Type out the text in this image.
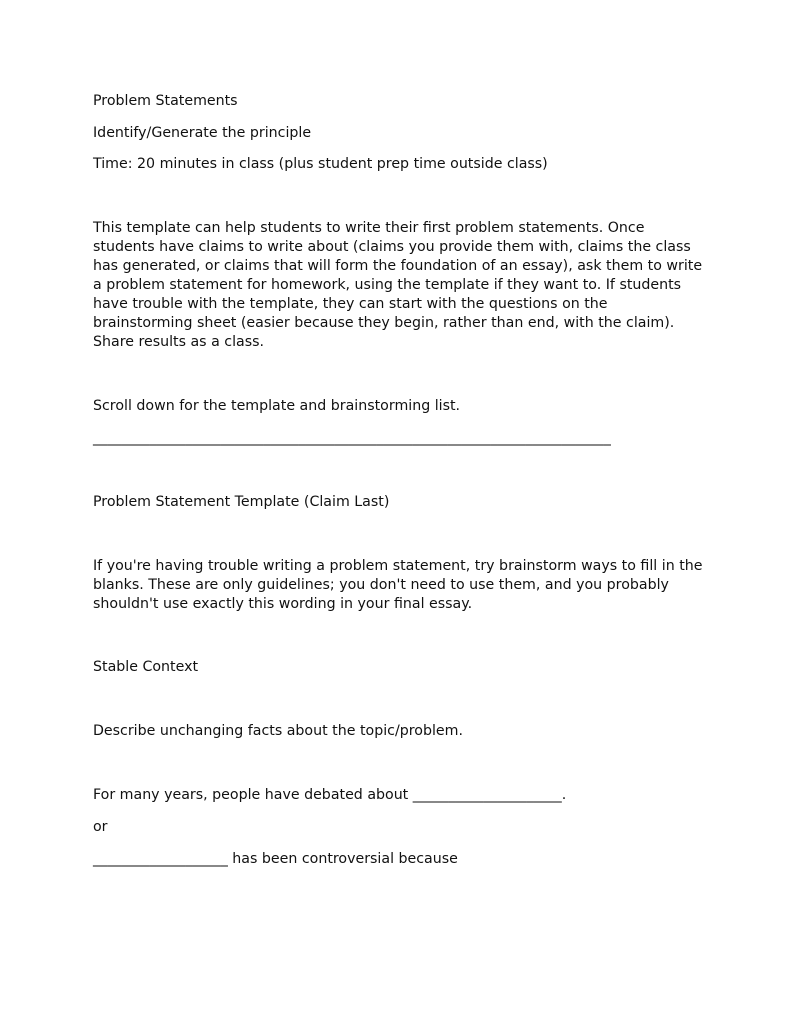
Problem Statements
Identify/Generate the principle
Time: 20 minutes in class (plus student prep time outside class)
This template can help students to write their first problem statements. Once
students have claims to write about (claims you provide them with, claims the class
has generated, or claims that will form the foundation of an essay), ask them to write
a problem statement for homework, using the template if they want to. If students
have trouble with the template, they can start with the questions on the
brainstorming sheet (easier because they begin, rather than end, with the claim).
Share results as a class.
Scroll down for the template and brainstorming list.
_________________________________________________________________________
Problem Statement Template (Claim Last)
If you're having trouble writing a problem statement, try brainstorm ways to fill in the
blanks. These are only guidelines; you don't need to use them, and you probably
shouldn't use exactly this wording in your final essay.
Stable Context
Describe unchanging facts about the topic/problem.
For many years, people have debated about _____________________.
or
___________________ has been controversial because
